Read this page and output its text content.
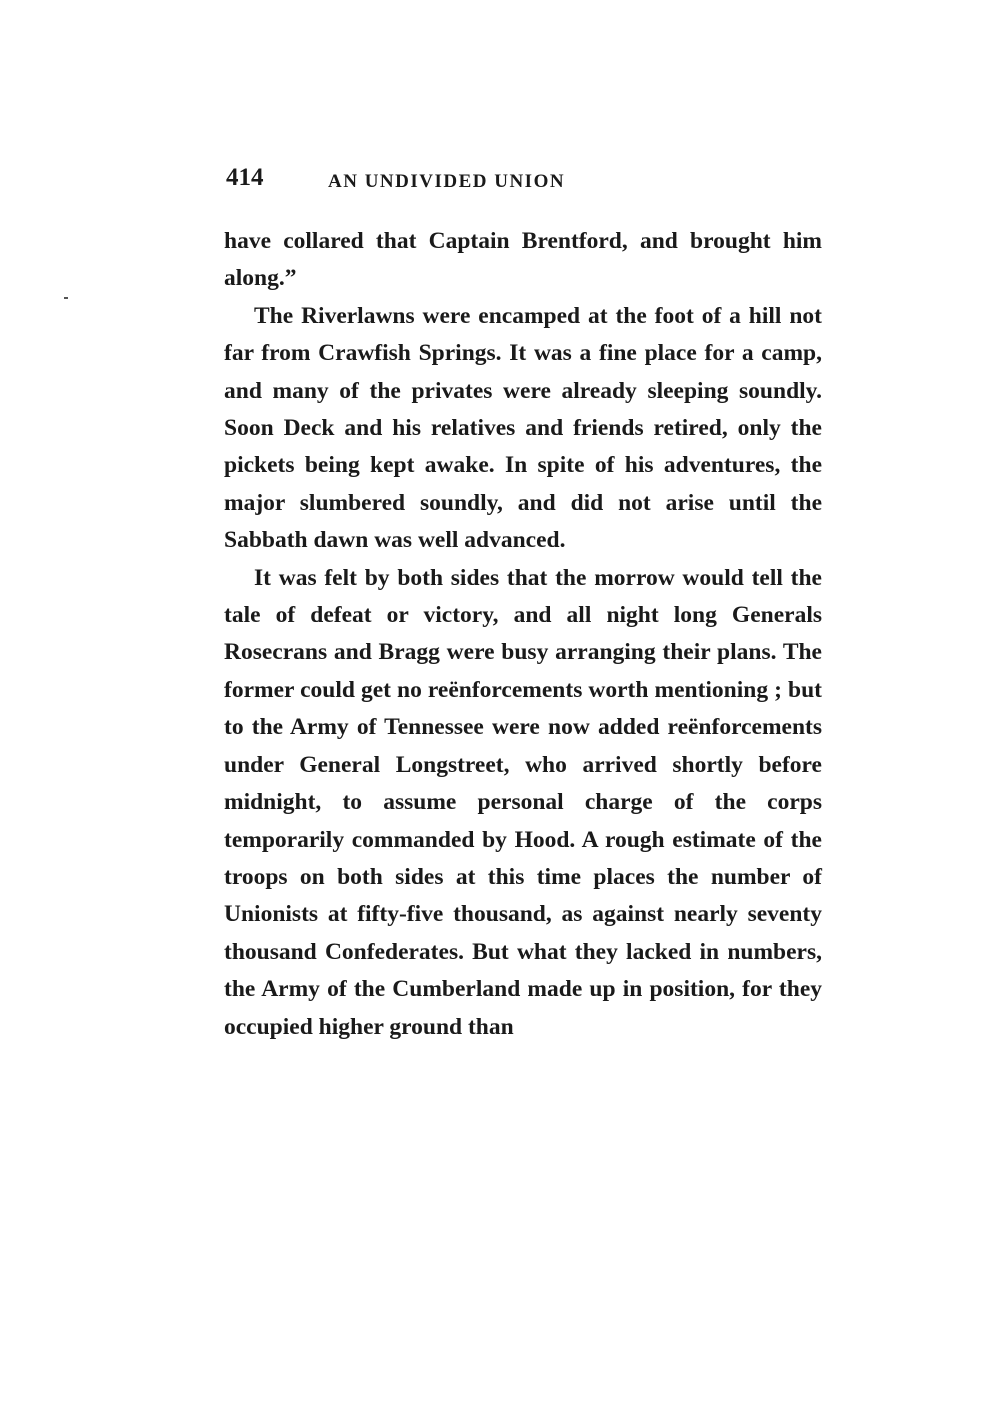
414	AN UNDIVIDED UNION

have collared that Captain Brentford, and brought him along.”

The Riverlawns were encamped at the foot of a hill not far from Crawfish Springs. It was a fine place for a camp, and many of the privates were already sleeping soundly. Soon Deck and his relatives and friends retired, only the pickets being kept awake. In spite of his adventures, the major slumbered soundly, and did not arise until the Sabbath dawn was well advanced.

It was felt by both sides that the morrow would tell the tale of defeat or victory, and all night long Generals Rosecrans and Bragg were busy arranging their plans. The former could get no reënforcements worth mentioning ; but to the Army of Tennessee were now added reënforcements under General Longstreet, who arrived shortly before midnight, to assume personal charge of the corps temporarily commanded by Hood. A rough estimate of the troops on both sides at this time places the number of Unionists at fifty-five thousand, as against nearly seventy thousand Confederates. But what they lacked in numbers, the Army of the Cumberland made up in position, for they occupied higher ground than
